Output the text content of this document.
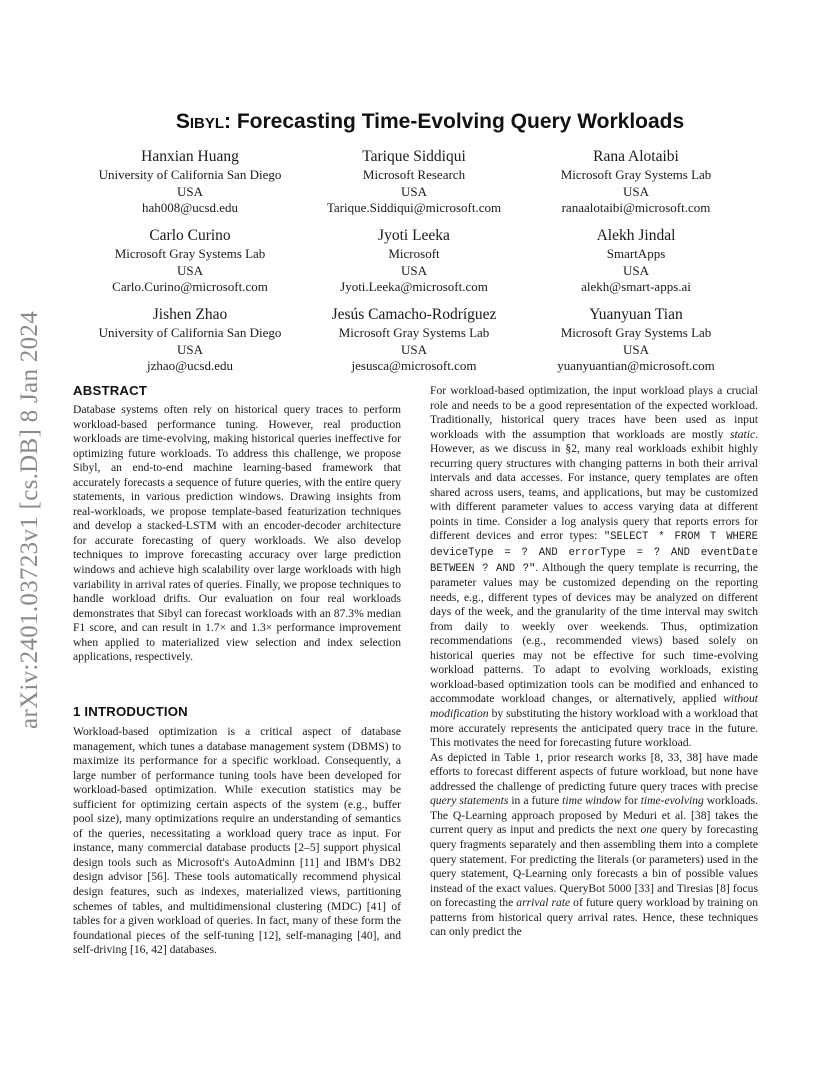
arXiv:2401.03723v1 [cs.DB] 8 Jan 2024
Sibyl: Forecasting Time-Evolving Query Workloads
Hanxian Huang
University of California San Diego
USA
hah008@ucsd.edu
Tarique Siddiqui
Microsoft Research
USA
Tarique.Siddiqui@microsoft.com
Rana Alotaibi
Microsoft Gray Systems Lab
USA
ranaalotaibi@microsoft.com
Carlo Curino
Microsoft Gray Systems Lab
USA
Carlo.Curino@microsoft.com
Jyoti Leeka
Microsoft
USA
Jyoti.Leeka@microsoft.com
Alekh Jindal
SmartApps
USA
alekh@smart-apps.ai
Jishen Zhao
University of California San Diego
USA
jzhao@ucsd.edu
Jesús Camacho-Rodríguez
Microsoft Gray Systems Lab
USA
jesusca@microsoft.com
Yuanyuan Tian
Microsoft Gray Systems Lab
USA
yuanyuantian@microsoft.com
ABSTRACT

Database systems often rely on historical query traces to perform workload-based performance tuning. However, real production workloads are time-evolving, making historical queries ineffective for optimizing future workloads. To address this challenge, we propose Sibyl, an end-to-end machine learning-based framework that accurately forecasts a sequence of future queries, with the entire query statements, in various prediction windows. Drawing insights from real-workloads, we propose template-based featurization techniques and develop a stacked-LSTM with an encoder-decoder architecture for accurate forecasting of query workloads. We also develop techniques to improve forecasting accuracy over large prediction windows and achieve high scalability over large workloads with high variability in arrival rates of queries. Finally, we propose techniques to handle workload drifts. Our evaluation on four real workloads demonstrates that Sibyl can forecast workloads with an 87.3% median F1 score, and can result in 1.7× and 1.3× performance improvement when applied to materialized view selection and index selection applications, respectively.

1 INTRODUCTION

Workload-based optimization is a critical aspect of database management, which tunes a database management system (DBMS) to maximize its performance for a specific workload. Consequently, a large number of performance tuning tools have been developed for workload-based optimization. While execution statistics may be sufficient for optimizing certain aspects of the system (e.g., buffer pool size), many optimizations require an understanding of semantics of the queries, necessitating a workload query trace as input. For instance, many commercial database products [2–5] support physical design tools such as Microsoft's AutoAdminn [11] and IBM's DB2 design advisor [56]. These tools automatically recommend physical design features, such as indexes, materialized views, partitioning schemes of tables, and multidimensional clustering (MDC) [41] of tables for a given workload of queries. In fact, many of these form the foundational pieces of the self-tuning [12], self-managing [40], and self-driving [16, 42] databases.

For workload-based optimization, the input workload plays a crucial role and needs to be a good representation of the expected workload. Traditionally, historical query traces have been used as input workloads with the assumption that workloads are mostly static. However, as we discuss in §2, many real workloads exhibit highly recurring query structures with changing patterns in both their arrival intervals and data accesses. For instance, query templates are often shared across users, teams, and applications, but may be customized with different parameter values to access varying data at different points in time. Consider a log analysis query that reports errors for different devices and error types: "SELECT * FROM T WHERE deviceType = ? AND errorType = ? AND eventDate BETWEEN ? AND ?". Although the query template is recurring, the parameter values may be customized depending on the reporting needs, e.g., different types of devices may be analyzed on different days of the week, and the granularity of the time interval may switch from daily to weekly over weekends. Thus, optimization recommendations (e.g., recommended views) based solely on historical queries may not be effective for such time-evolving workload patterns. To adapt to evolving workloads, existing workload-based optimization tools can be modified and enhanced to accommodate workload changes, or alternatively, applied without modification by substituting the history workload with a workload that more accurately represents the anticipated query trace in the future. This motivates the need for forecasting future workload.

As depicted in Table 1, prior research works [8, 33, 38] have made efforts to forecast different aspects of future workload, but none have addressed the challenge of predicting future query traces with precise query statements in a future time window for time-evolving workloads. The Q-Learning approach proposed by Meduri et al. [38] takes the current query as input and predicts the next one query by forecasting query fragments separately and then assembling them into a complete query statement. For predicting the literals (or parameters) used in the query statement, Q-Learning only forecasts a bin of possible values instead of the exact values. QueryBot 5000 [33] and Tiresias [8] focus on forecasting the arrival rate of future query workload by training on patterns from historical query arrival rates. Hence, these techniques can only predict the
